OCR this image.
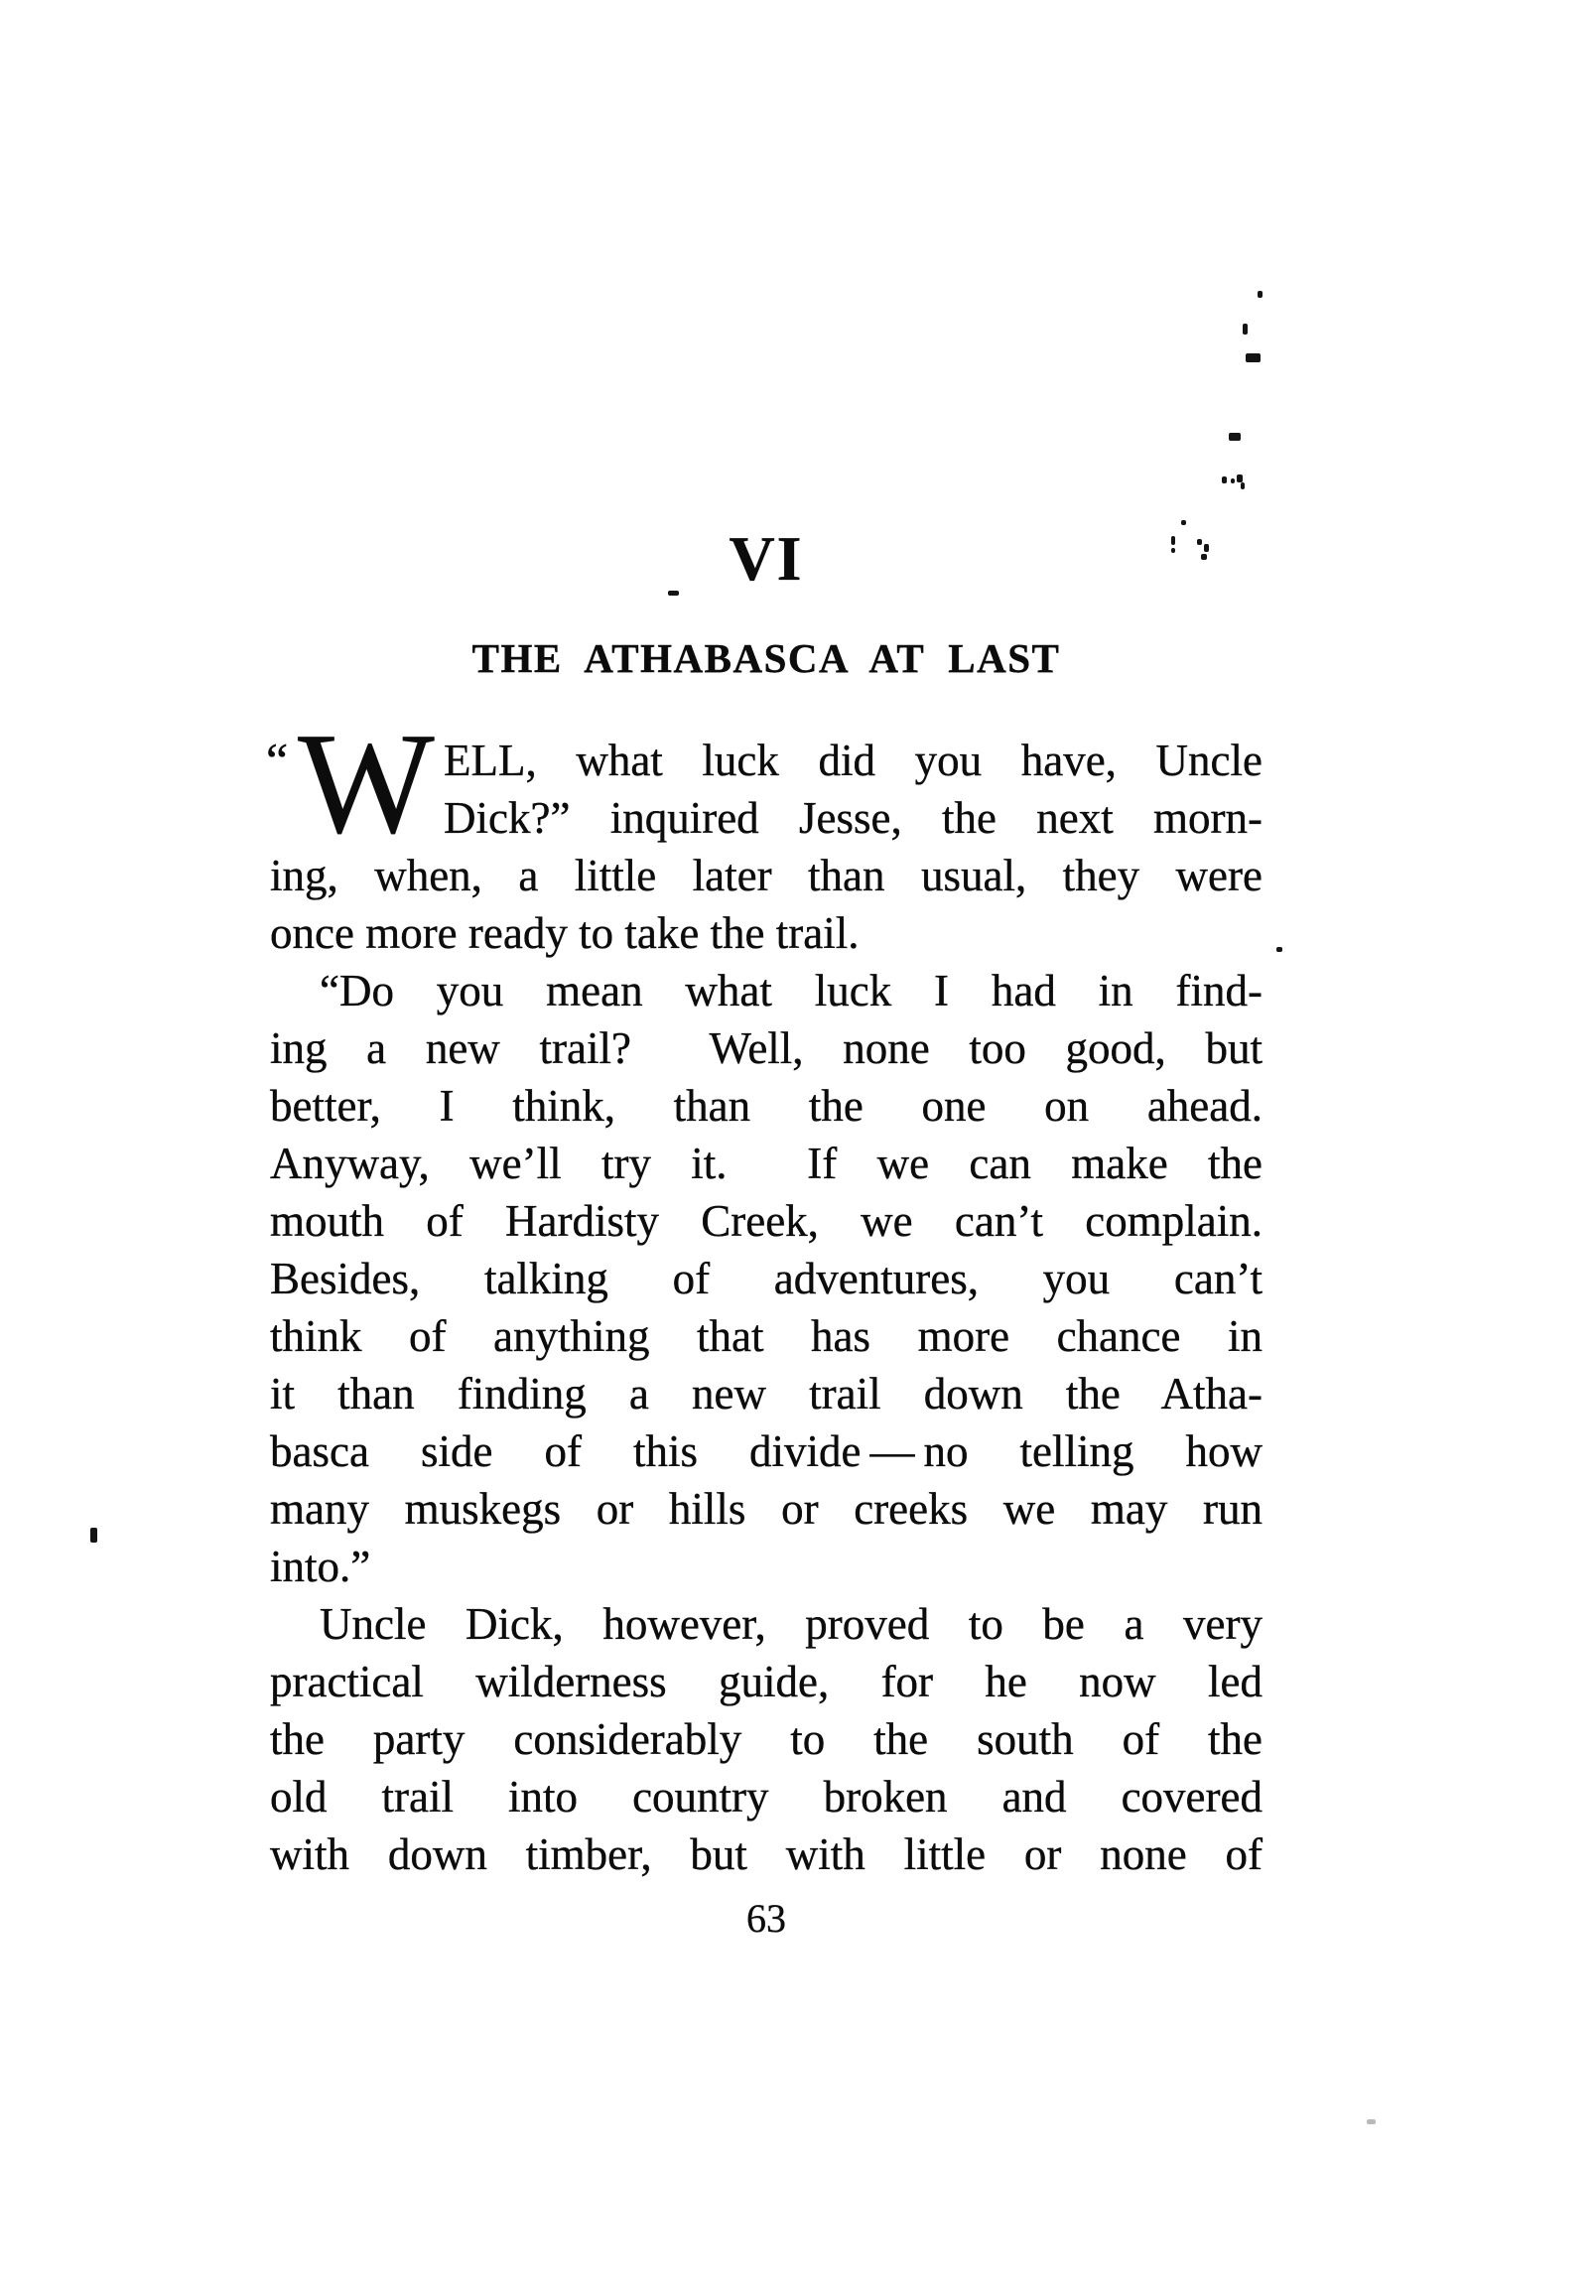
VI
THE ATHABASCA AT LAST
“ W ELL, what luck did you have, Uncle
Dick?” inquired Jesse, the next morn-
ing, when, a little later than usual, they were
once more ready to take the trail.
“Do you mean what luck I had in find-
ing a new trail?  Well, none too good, but
better, I think, than the one on ahead.
Anyway, we’ll try it.  If we can make the
mouth of Hardisty Creek, we can’t complain.
Besides, talking of adventures, you can’t
think of anything that has more chance in
it than finding a new trail down the Atha-
basca side of this divide — no telling how
many muskegs or hills or creeks we may run
into.”
Uncle Dick, however, proved to be a very
practical wilderness guide, for he now led
the party considerably to the south of the
old trail into country broken and covered
with down timber, but with little or none of
63
